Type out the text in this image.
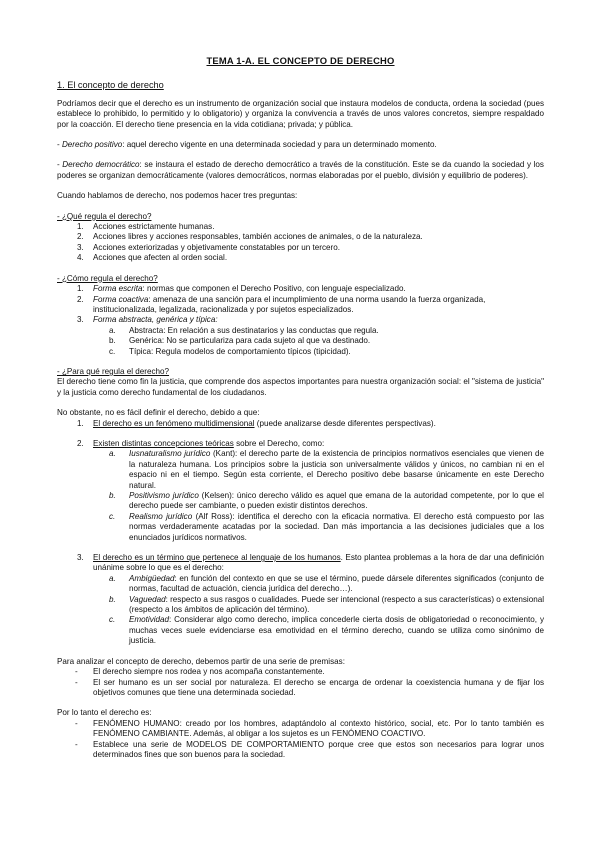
TEMA 1-A. EL CONCEPTO DE DERECHO
1. El concepto de derecho

Podríamos decir que el derecho es un instrumento de organización social que instaura modelos de conducta, ordena la sociedad (pues establece lo prohibido, lo permitido y lo obligatorio) y organiza la convivencia a través de unos valores concretos, siempre respaldado por la coacción. El derecho tiene presencia en la vida cotidiana; privada; y pública.

- Derecho positivo: aquel derecho vigente en una determinada sociedad y para un determinado momento.

- Derecho democrático: se instaura el estado de derecho democrático a través de la constitución. Este se da cuando la sociedad y los poderes se organizan democráticamente (valores democráticos, normas elaboradas por el pueblo, división y equilibrio de poderes).

Cuando hablamos de derecho, nos podemos hacer tres preguntas:

- ¿Qué regula el derecho?
1.	Acciones estrictamente humanas.
2.	Acciones libres y acciones responsables, también acciones de animales, o de la naturaleza.
3.	Acciones exteriorizadas y objetivamente constatables por un tercero.
4.	Acciones que afecten al orden social.
- ¿Cómo regula el derecho?
1. Forma escrita: normas que componen el Derecho Positivo, con lenguaje especializado.
2. Forma coactiva: amenaza de una sanción para el incumplimiento de una norma usando la fuerza organizada, institucionalizada, legalizada, racionalizada y por sujetos especializados.
3. Forma abstracta, genérica y típica:
a. Abstracta: En relación a sus destinatarios y las conductas que regula.
b. Genérica: No se particulariza para cada sujeto al que va destinado.
c. Típica: Regula modelos de comportamiento típicos (tipicidad).
- ¿Para qué regula el derecho?

El derecho tiene como fin la justicia, que comprende dos aspectos importantes para nuestra organización social: el "sistema de justicia" y la justicia como derecho fundamental de los ciudadanos.

No obstante, no es fácil definir el derecho, debido a que:
1.	El derecho es un fenómeno multidimensional (puede analizarse desde diferentes perspectivas).
2.	Existen distintas concepciones teóricas sobre el Derecho, como:
a. Iusnaturalismo jurídico (Kant): el derecho parte de la existencia de principios normativos esenciales que vienen de la naturaleza humana. Los principios sobre la justicia son universalmente válidos y únicos, no cambian ni en el espacio ni en el tiempo. Según esta corriente, el Derecho positivo debe basarse únicamente en este Derecho natural.
b. Positivismo jurídico (Kelsen): único derecho válido es aquel que emana de la autoridad competente, por lo que el derecho puede ser cambiante, o pueden existir distintos derechos.
c. Realismo jurídico (Alf Ross): identifica el derecho con la eficacia normativa. El derecho está compuesto por las normas verdaderamente acatadas por la sociedad. Dan más importancia a las decisiones judiciales que a los enunciados jurídicos normativos.
3.	El derecho es un término que pertenece al lenguaje de los humanos. Esto plantea problemas a la hora de dar una definición unánime sobre lo que es el derecho:
a. Ambigüedad: en función del contexto en que se use el término, puede dársele diferentes significados (conjunto de normas, facultad de actuación, ciencia jurídica del derecho…).
b. Vaguedad: respecto a sus rasgos o cualidades. Puede ser intencional (respecto a sus características) o extensional (respecto a los ámbitos de aplicación del término).
c. Emotividad: Considerar algo como derecho, implica concederle cierta dosis de obligatoriedad o reconocimiento, y muchas veces suele evidenciarse esa emotividad en el término derecho, cuando se utiliza como sinónimo de justicia.
Para analizar el concepto de derecho, debemos partir de una serie de premisas:
- El derecho siempre nos rodea y nos acompaña constantemente.
- El ser humano es un ser social por naturaleza. El derecho se encarga de ordenar la coexistencia humana y de fijar los objetivos comunes que tiene una determinada sociedad.
Por lo tanto el derecho es:
- FENÓMENO HUMANO: creado por los hombres, adaptándolo al contexto histórico, social, etc. Por lo tanto también es FENÓMENO CAMBIANTE. Además, al obligar a los sujetos es un FENÓMENO COACTIVO.
- Establece una serie de MODELOS DE COMPORTAMIENTO porque cree que estos son necesarios para lograr unos determinados fines que son buenos para la sociedad.
